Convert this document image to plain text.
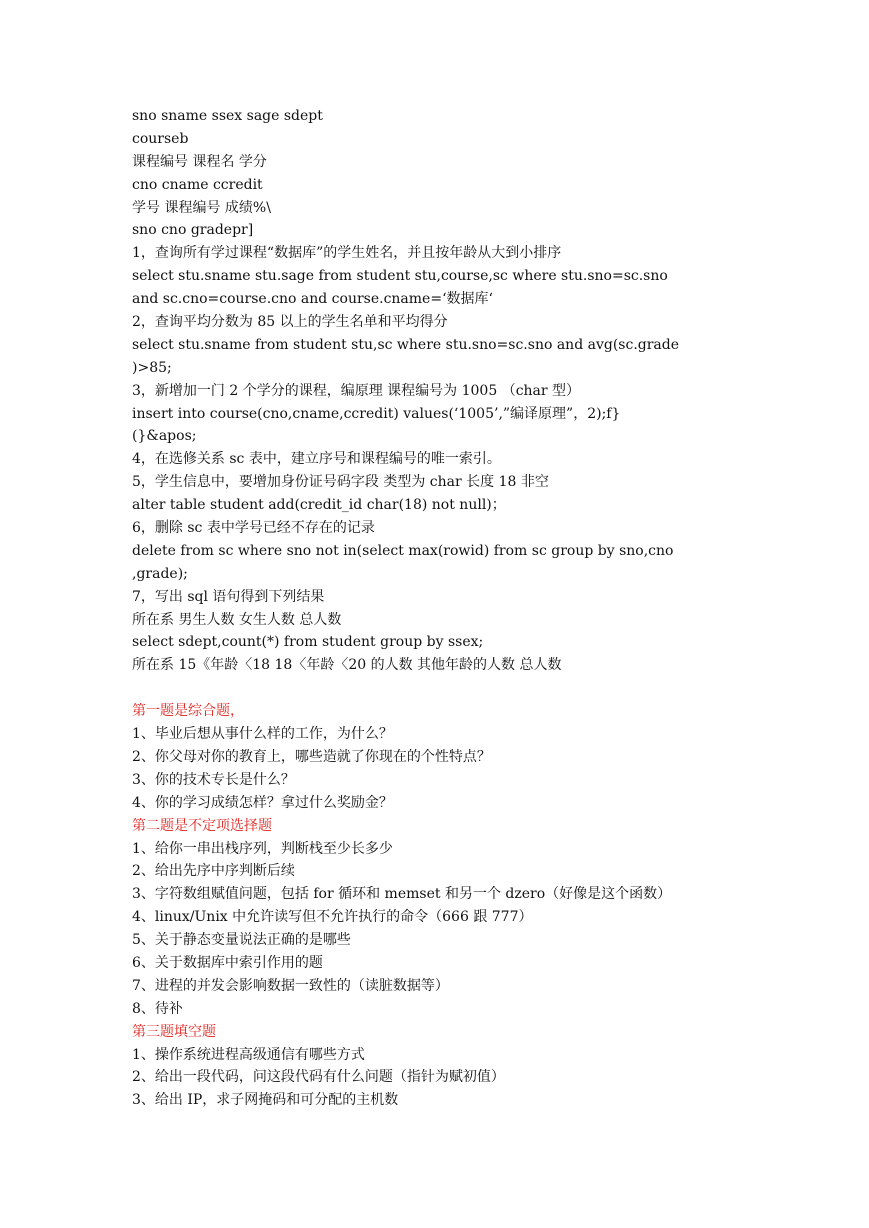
sno sname ssex sage sdept
courseb
课程编号 课程名 学分
cno cname ccredit
学号 课程编号 成绩%\
sno cno gradepr]
1，查询所有学过课程“数据库”的学生姓名，并且按年龄从大到小排序
select stu.sname stu.sage from student stu,course,sc where stu.sno=sc.sno
and sc.cno=course.cno and course.cname=‘数据库‘
2，查询平均分数为 85 以上的学生名单和平均得分
select stu.sname from student stu,sc where stu.sno=sc.sno and avg(sc.grade
)>85;
3，新增加一门 2 个学分的课程，编原理 课程编号为 1005 （char 型）
insert into course(cno,cname,ccredit) values(‘1005’,”编译原理”，2);f}
(}&apos;
4，在选修关系 sc 表中，建立序号和课程编号的唯一索引。
5，学生信息中，要增加身份证号码字段 类型为 char 长度 18 非空
alter table student add(credit_id char(18) not null)；
6，删除 sc 表中学号已经不存在的记录
delete from sc where sno not in(select max(rowid) from sc group by sno,cno
,grade);
7，写出 sql 语句得到下列结果
所在系 男生人数 女生人数 总人数
select sdept,count(*) from student group by ssex;
所在系 15《年龄〈18 18〈年龄〈20 的人数 其他年龄的人数 总人数
第一题是综合题，
1、毕业后想从事什么样的工作，为什么？
2、你父母对你的教育上，哪些造就了你现在的个性特点？
3、你的技术专长是什么？
4、你的学习成绩怎样？拿过什么奖励金？
第二题是不定项选择题
1、给你一串出栈序列，判断栈至少长多少
2、给出先序中序判断后续
3、字符数组赋值问题，包括 for 循环和 memset 和另一个 dzero（好像是这个函数）
4、linux/Unix 中允许读写但不允许执行的命令（666 跟 777）
5、关于静态变量说法正确的是哪些
6、关于数据库中索引作用的题
7、进程的并发会影响数据一致性的（读脏数据等）
8、待补
第三题填空题
1、操作系统进程高级通信有哪些方式
2、给出一段代码，问这段代码有什么问题（指针为赋初值）
3、给出 IP，求子网掩码和可分配的主机数
